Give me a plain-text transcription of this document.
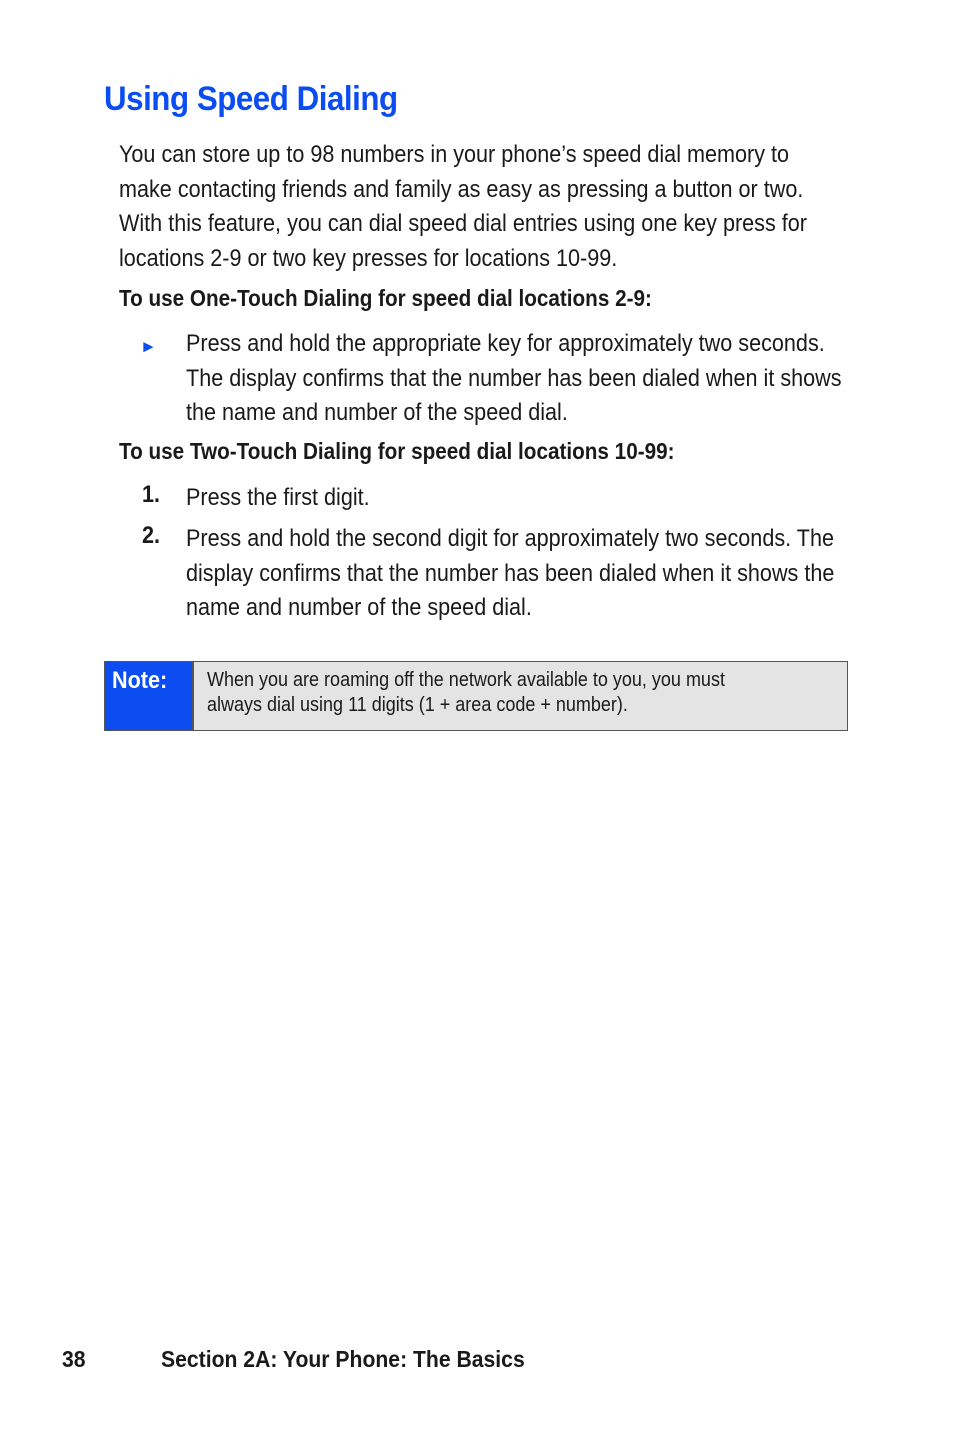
Using Speed Dialing

You can store up to 98 numbers in your phone’s speed dial memory to make contacting friends and family as easy as pressing a button or two. With this feature, you can dial speed dial entries using one key press for locations 2-9 or two key presses for locations 10-99.

To use One-Touch Dialing for speed dial locations 2-9:
► Press and hold the appropriate key for approximately two seconds. The display confirms that the number has been dialed when it shows the name and number of the speed dial.

To use Two-Touch Dialing for speed dial locations 10-99:
1. Press the first digit.

2. Press and hold the second digit for approximately two seconds. The display confirms that the number has been dialed when it shows the name and number of the speed dial.

Note: When you are roaming off the network available to you, you must always dial using 11 digits (1 + area code + number).

38	Section 2A: Your Phone: The Basics
